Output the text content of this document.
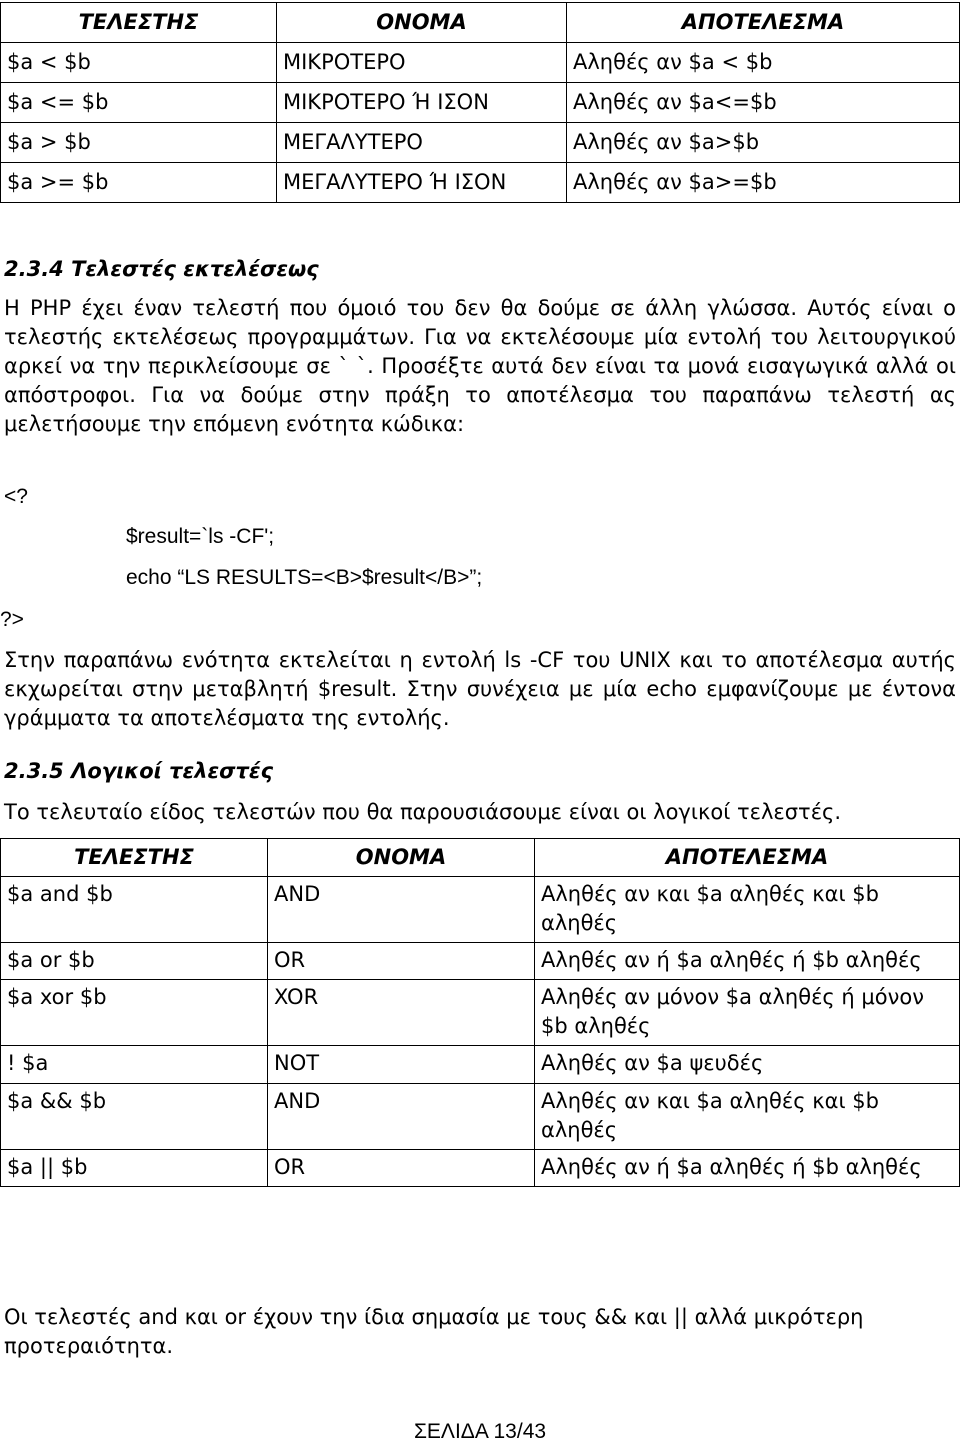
ΤΕΛΕΣΤΗΣ	ΟΝΟΜΑ	ΑΠΟΤΕΛΕΣΜΑ
$a < $b	ΜΙΚΡΟΤΕΡΟ	Αληθές αν $a < $b
$a <= $b	ΜΙΚΡΟΤΕΡΟ Ή ΙΣΟΝ	Αληθές αν $a<=$b
$a > $b	ΜΕΓΑΛΥΤΕΡΟ	Αληθές αν $a>$b
$a >= $b	ΜΕΓΑΛΥΤΕΡΟ Ή ΙΣΟΝ	Αληθές αν $a>=$b
2.3.4 Τελεστές εκτελέσεως

Η PHP έχει έναν τελεστή που όμοιό του δεν θα δούμε σε άλλη γλώσσα. Αυτός είναι ο τελεστής εκτελέσεως προγραμμάτων. Για να εκτελέσουμε μία εντολή του λειτουργικού αρκεί να την περικλείσουμε σε ` `. Προσέξτε αυτά δεν είναι τα μονά εισαγωγικά αλλά οι απόστροφοι. Για να δούμε στην πράξη το αποτέλεσμα του παραπάνω τελεστή ας μελετήσουμε την επόμενη ενότητα κώδικα:

<?
$result=`ls -CF';
echo “LS RESULTS=<B>$result</B>”;
?>

Στην παραπάνω ενότητα εκτελείται η εντολή ls -CF του UNIX και το αποτέλεσμα αυτής εκχωρείται στην μεταβλητή $result. Στην συνέχεια με μία echo εμφανίζουμε με έντονα γράμματα τα αποτελέσματα της εντολής.

2.3.5 Λογικοί τελεστές

Το τελευταίο είδος τελεστών που θα παρουσιάσουμε είναι οι λογικοί τελεστές.

ΤΕΛΕΣΤΗΣ	ΟΝΟΜΑ	ΑΠΟΤΕΛΕΣΜΑ
$a and $b	AND	Αληθές αν και $a αληθές και $b αληθές
$a or $b	OR	Αληθές αν ή $a αληθές ή $b αληθές
$a xor $b	XOR	Αληθές αν μόνον $a αληθές ή μόνον $b αληθές
! $a	NOT	Αληθές αν $a ψευδές
$a && $b	AND	Αληθές αν και $a αληθές και $b αληθές
$a || $b	OR	Αληθές αν ή $a αληθές ή $b αληθές

Οι τελεστές and και or έχουν την ίδια σημασία με τους && και || αλλά μικρότερη προτεραιότητα.

ΣΕΛΙΔΑ 13/43
